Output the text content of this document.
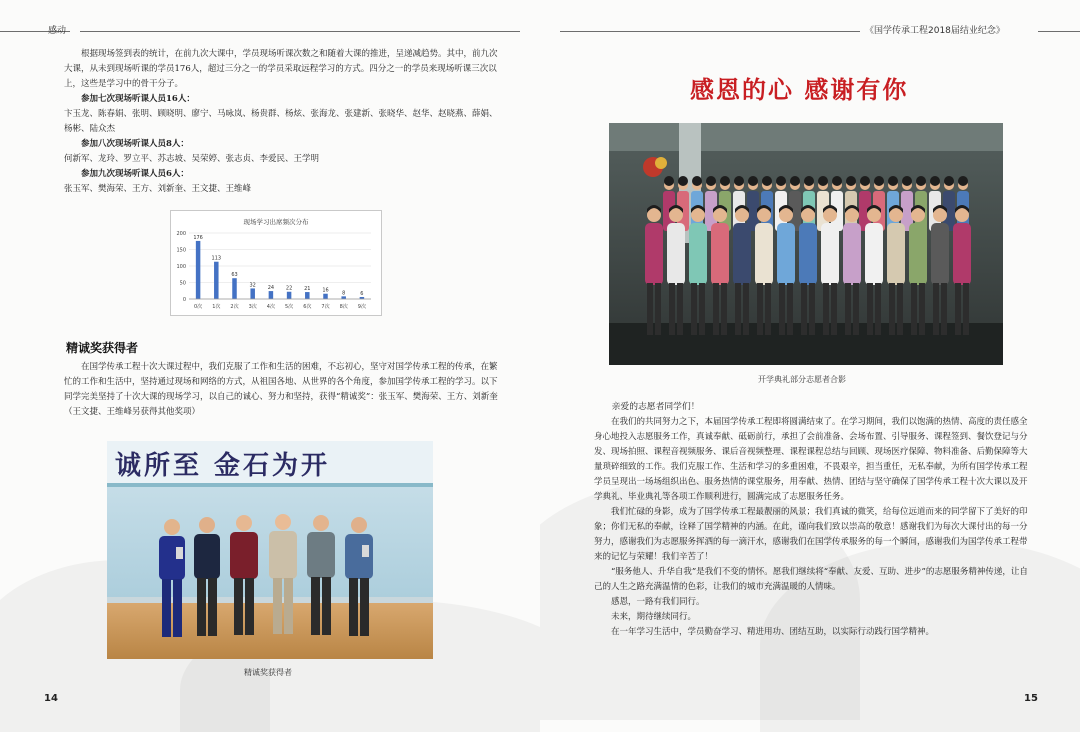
感动

根据现场签到表的统计，在前九次大课中，学员现场听课次数之和随着大课的推进，呈递减趋势。其中，前九次大课，从未到现场听课的学员176人，超过三分之一的学员采取远程学习的方式。四分之一的学员来现场听课三次以上，这些是学习中的骨干分子。

参加七次现场听课人员16人：

卞玉龙、陈春娟、张明、顾晓明、廖宁、马咏岚、杨贵群、杨炫、张海龙、张建新、张晓华、赵华、赵晓燕、薛娟、杨彬、陆众杰

参加八次现场听课人员8人：

何新军、龙玲、罗立平、苏志坡、吴荣婷、张志贞、李爱民、王学明

参加九次现场听课人员6人：

张玉军、樊海荣、王方、刘新奎、王文捷、王维峰

现场学习出席频次分布
200
150
100
50
0
176
0次
113
1次
63
2次
32
3次
24
4次
22
5次
21
6次
16
7次
8
8次
6
9次
精诚奖获得者

在国学传承工程十次大课过程中，我们克服了工作和生活的困难，不忘初心，坚守对国学传承工程的传承，在繁忙的工作和生活中，坚持通过现场和网络的方式，从祖国各地、从世界的各个角度，参加国学传承工程的学习。以下同学完美坚持了十次大课的现场学习，以自己的诚心、努力和坚持，获得“精诚奖”：张玉军、樊海荣、王方、刘新奎（王文捷、王维峰另获得其他奖项）

诚所至 金石为开
精诚奖获得者
14
《国学传承工程2018届结业纪念》
感恩的心 感谢有你
开学典礼部分志愿者合影

亲爱的志愿者同学们！

在我们的共同努力之下，本届国学传承工程即将圆满结束了。在学习期间，我们以饱满的热情、高度的责任感全身心地投入志愿服务工作，真诚奉献、砥砺前行，承担了会前准备、会场布置、引导服务、课程签到、餐饮登记与分发、现场拍照、课程音视频服务、课后音视频整理、课程课程总结与回顾、现场医疗保障、物料准备、后勤保障等大量琐碎细致的工作。我们克服工作、生活和学习的多重困难，不畏艰辛，担当重任，无私奉献，为所有国学传承工程学员呈现出一场场组织出色、服务热情的课堂服务，用奉献、热情、团结与坚守确保了国学传承工程十次大课以及开学典礼、毕业典礼等各项工作顺利进行，圆满完成了志愿服务任务。

我们忙碌的身影，成为了国学传承工程最靓丽的风景；我们真诚的微笑，给每位远道而来的同学留下了美好的印象；你们无私的奉献，诠释了国学精神的内涵。在此，谨向我们致以崇高的敬意！感谢我们为每次大课付出的每一分努力，感谢我们为志愿服务挥洒的每一滴汗水，感谢我们在国学传承服务的每一个瞬间，感谢我们为国学传承工程带来的记忆与荣耀！我们辛苦了！

“服务他人、升华自我”是我们不变的情怀。愿我们继续将“奉献、友爱、互助、进步”的志愿服务精神传递，让自己的人生之路充满温情的色彩，让我们的城市充满温暖的人情味。

感恩，一路有我们同行。

未来，期待继续同行。

在一年学习生活中，学员勤奋学习、精进用功、团结互助，以实际行动践行国学精神。

15
